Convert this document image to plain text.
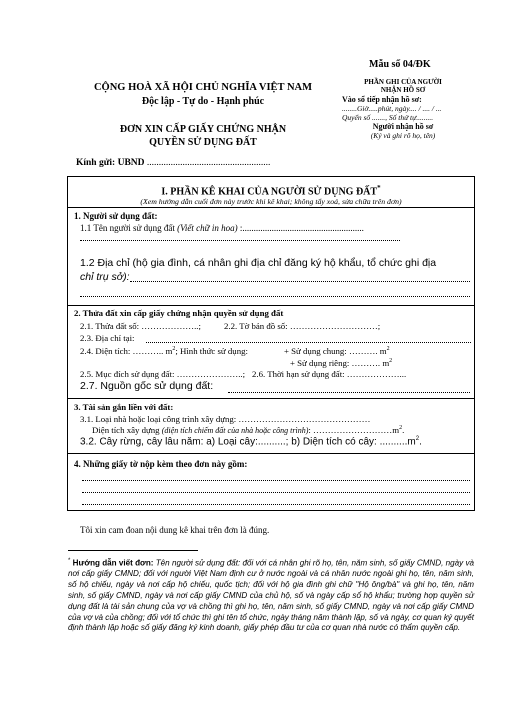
Mẫu số 04/ĐK
PHẦN GHI CỦA NGƯỜI
NHẬN HỒ SƠ
Vào sổ tiếp nhận hồ sơ:
........Giờ.....phút, ngày.... / .... / ...
Quyển số ......., Số thứ tự.........
Người nhận hồ sơ
(Ký và ghi rõ họ, tên)
CỘNG HOÀ XÃ HỘI CHỦ NGHĨA VIỆT NAM
Độc lập - Tự do - Hạnh phúc
ĐƠN XIN CẤP GIẤY CHỨNG NHẬN
QUYỀN SỬ DỤNG ĐẤT
Kính gửi: UBND ....................................................
I. PHẦN KÊ KHAI CỦA NGƯỜI SỬ DỤNG ĐẤT*
(Xem hướng dẫn cuối đơn này trước khi kê khai; không tẩy xoá, sửa chữa trên đơn)
1. Người sử dụng đất:
1.1 Tên người sử dụng đất (Viết chữ in hoa) :......................................................
1.2 Địa chỉ (hộ gia đình, cá nhân ghi địa chỉ đăng ký hộ khẩu, tổ chức ghi địa
chỉ trụ sở):
2. Thửa đất xin cấp giấy chứng nhận quyền sử dụng đất
2.1. Thửa đất số: ………………..;	2.2. Tờ bản đồ số: …………………………;
2.3. Địa chỉ tại:
2.4. Diện tích: ……….. $m^2$; Hình thức sử dụng:	+ Sử dụng chung: ………. $m^2$
+ Sử dụng riêng: ………. $m^2$
2.5. Mục đích sử dụng đất: …………………..; 2.6. Thời hạn sử dụng đất: ………………...
2.7. Nguồn gốc sử dụng đất:
3. Tài sản gắn liền với đất:
3.1. Loại nhà hoặc loại công trình xây dựng: ………………………………………
Diện tích xây dựng (diện tích chiếm đất của nhà hoặc công trình): $\dots\dots\dots\dots\dots\dots\dots\dots\dots m^2$.
3.2. Cây rừng, cây lâu năm: a) Loại cây:..........; b) Diện tích có cây: $..........m^2$.
4. Những giấy tờ nộp kèm theo đơn này gồm:
Tôi xin cam đoan nội dung kê khai trên đơn là đúng.
* Hướng dẫn viết đơn: Tên người sử dụng đất: đối với cá nhân ghi rõ họ, tên, năm sinh, số giấy CMND, ngày và nơi cấp giấy CMND; đối với người Việt Nam định cư ở nước ngoài và cá nhân nước ngoài ghi họ, tên, năm sinh, số hộ chiếu, ngày và nơi cấp hộ chiếu, quốc tịch; đối với hộ gia đình ghi chữ "Hộ ông/bà" và ghi họ, tên, năm sinh, số giấy CMND, ngày và nơi cấp giấy CMND của chủ hộ, số và ngày cấp sổ hộ khẩu; trường hợp quyền sử dụng đất là tài sản chung của vợ và chồng thì ghi họ, tên, năm sinh, số giấy CMND, ngày và nơi cấp giấy CMND của vợ và của chồng; đối với tổ chức thì ghi tên tổ chức, ngày tháng năm thành lập, số và ngày, cơ quan ký quyết định thành lập hoặc số giấy đăng ký kinh doanh, giấy phép đầu tư của cơ quan nhà nước có thẩm quyền cấp.
